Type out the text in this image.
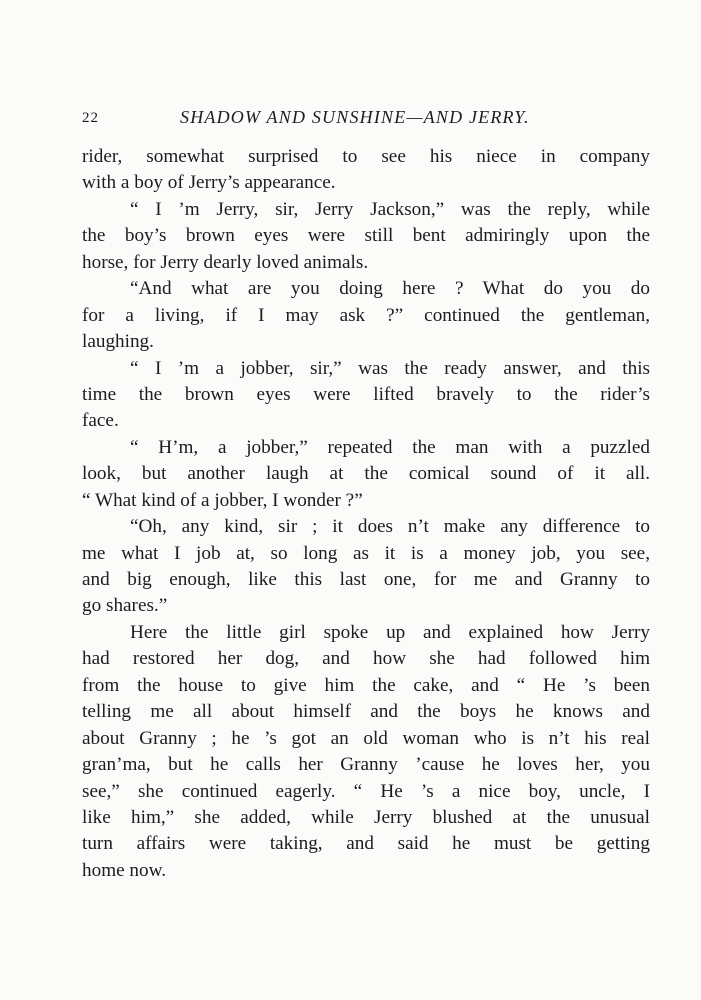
22	SHADOW AND SUNSHINE—AND JERRY.
rider, somewhat surprised to see his niece in company
with a boy of Jerry’s appearance.
“ I ’m Jerry, sir, Jerry Jackson,” was the reply, while
the boy’s brown eyes were still bent admiringly upon the
horse, for Jerry dearly loved animals.
“And what are you doing here ? What do you do
for a living, if I may ask ?” continued the gentleman,
laughing.
“ I ’m a jobber, sir,” was the ready answer, and this
time the brown eyes were lifted bravely to the rider’s
face.
“ H’m, a jobber,” repeated the man with a puzzled
look, but another laugh at the comical sound of it all.
“ What kind of a jobber, I wonder ?”
“Oh, any kind, sir ; it does n’t make any difference to
me what I job at, so long as it is a money job, you see,
and big enough, like this last one, for me and Granny to
go shares.”
Here the little girl spoke up and explained how Jerry
had restored her dog, and how she had followed him
from the house to give him the cake, and “ He ’s been
telling me all about himself and the boys he knows and
about Granny ; he ’s got an old woman who is n’t his real
gran’ma, but he calls her Granny ’cause he loves her, you
see,” she continued eagerly. “ He ’s a nice boy, uncle, I
like him,” she added, while Jerry blushed at the unusual
turn affairs were taking, and said he must be getting
home now.
